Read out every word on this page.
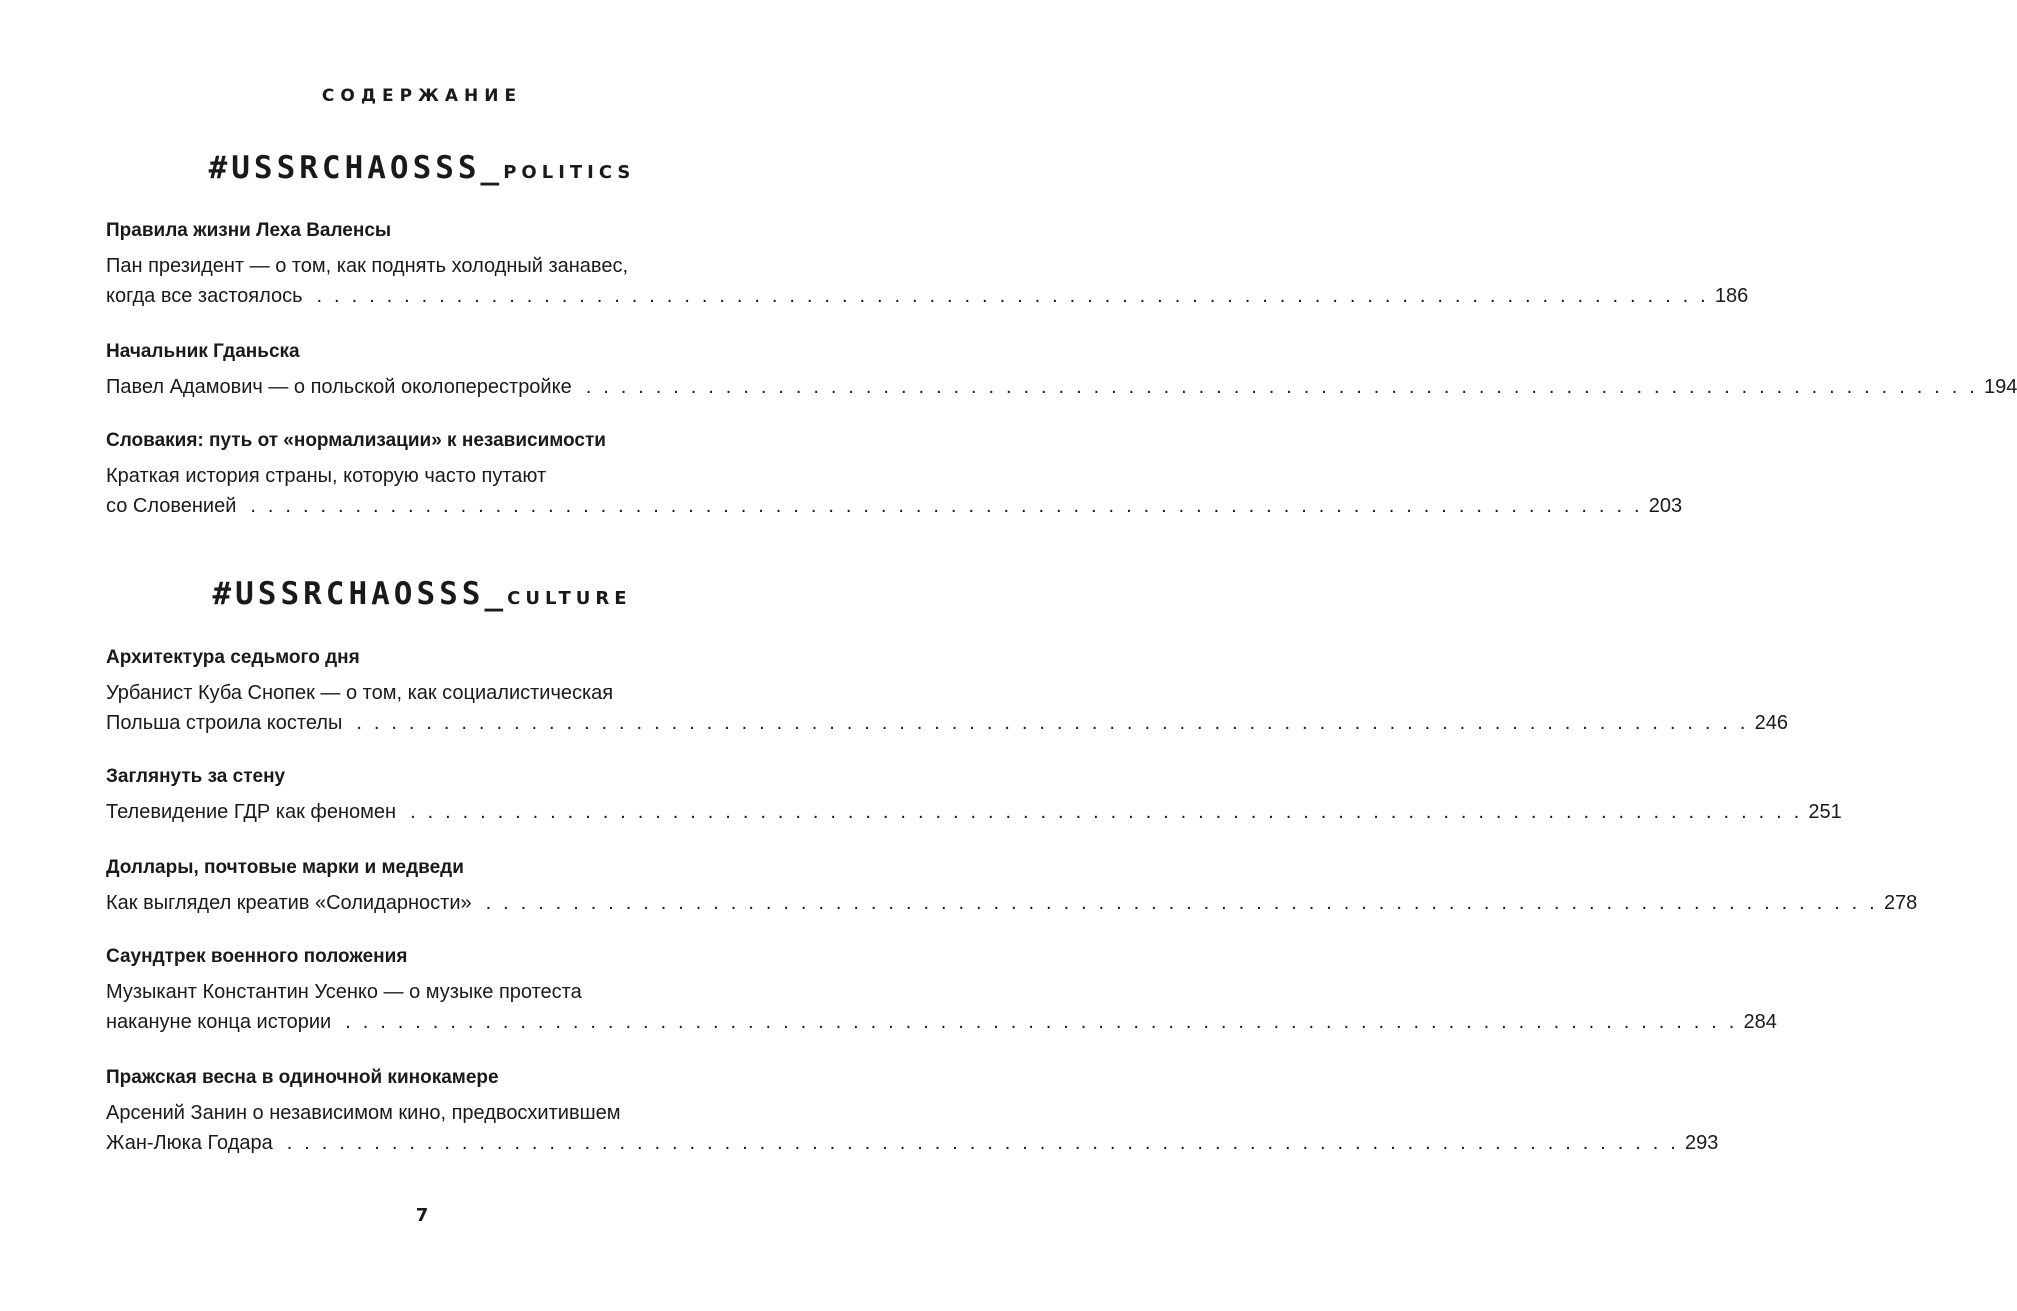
СОДЕРЖАНИЕ
#USSRCHAOSSS_POLITICS
Правила жизни Леха Валенсы
Пан президент — о том, как поднять холодный занавес,
когда все застоялось . . . . . . . . . . . . . . . . . . . . . . . . . . . . . . . . . . . . . . . . . . . . . . . . . . . . . . . . . . . . . . . . . . . . . . . . . . . . . . . . 186
Начальник Гданьска
Павел Адамович — о польской околоперестройке . . . . . . . . . . . . . . . . . . . . . . . . . . . . . . . . . . . . . . . . . . . . . . . . . . . . . . . . . . . . . . . . . . . . . . . . . . . . . . . . 194
Словакия: путь от «нормализации» к независимости
Краткая история страны, которую часто путают
со Словенией . . . . . . . . . . . . . . . . . . . . . . . . . . . . . . . . . . . . . . . . . . . . . . . . . . . . . . . . . . . . . . . . . . . . . . . . . . . . . . . . 203
#USSRCHAOSSS_CULTURE
Архитектура седьмого дня
Урбанист Куба Снопек — о том, как социалистическая
Польша строила костелы . . . . . . . . . . . . . . . . . . . . . . . . . . . . . . . . . . . . . . . . . . . . . . . . . . . . . . . . . . . . . . . . . . . . . . . . . . . . . . . . 246
Заглянуть за стену
Телевидение ГДР как феномен . . . . . . . . . . . . . . . . . . . . . . . . . . . . . . . . . . . . . . . . . . . . . . . . . . . . . . . . . . . . . . . . . . . . . . . . . . . . . . . . 251
Доллары, почтовые марки и медведи
Как выглядел креатив «Солидарности» . . . . . . . . . . . . . . . . . . . . . . . . . . . . . . . . . . . . . . . . . . . . . . . . . . . . . . . . . . . . . . . . . . . . . . . . . . . . . . . . 278
Саундтрек военного положения
Музыкант Константин Усенко — о музыке протеста
накануне конца истории . . . . . . . . . . . . . . . . . . . . . . . . . . . . . . . . . . . . . . . . . . . . . . . . . . . . . . . . . . . . . . . . . . . . . . . . . . . . . . . . 284
Пражская весна в одиночной кинокамере
Арсений Занин о независимом кино, предвосхитившем
Жан-Люка Годара . . . . . . . . . . . . . . . . . . . . . . . . . . . . . . . . . . . . . . . . . . . . . . . . . . . . . . . . . . . . . . . . . . . . . . . . . . . . . . . . 293
7
